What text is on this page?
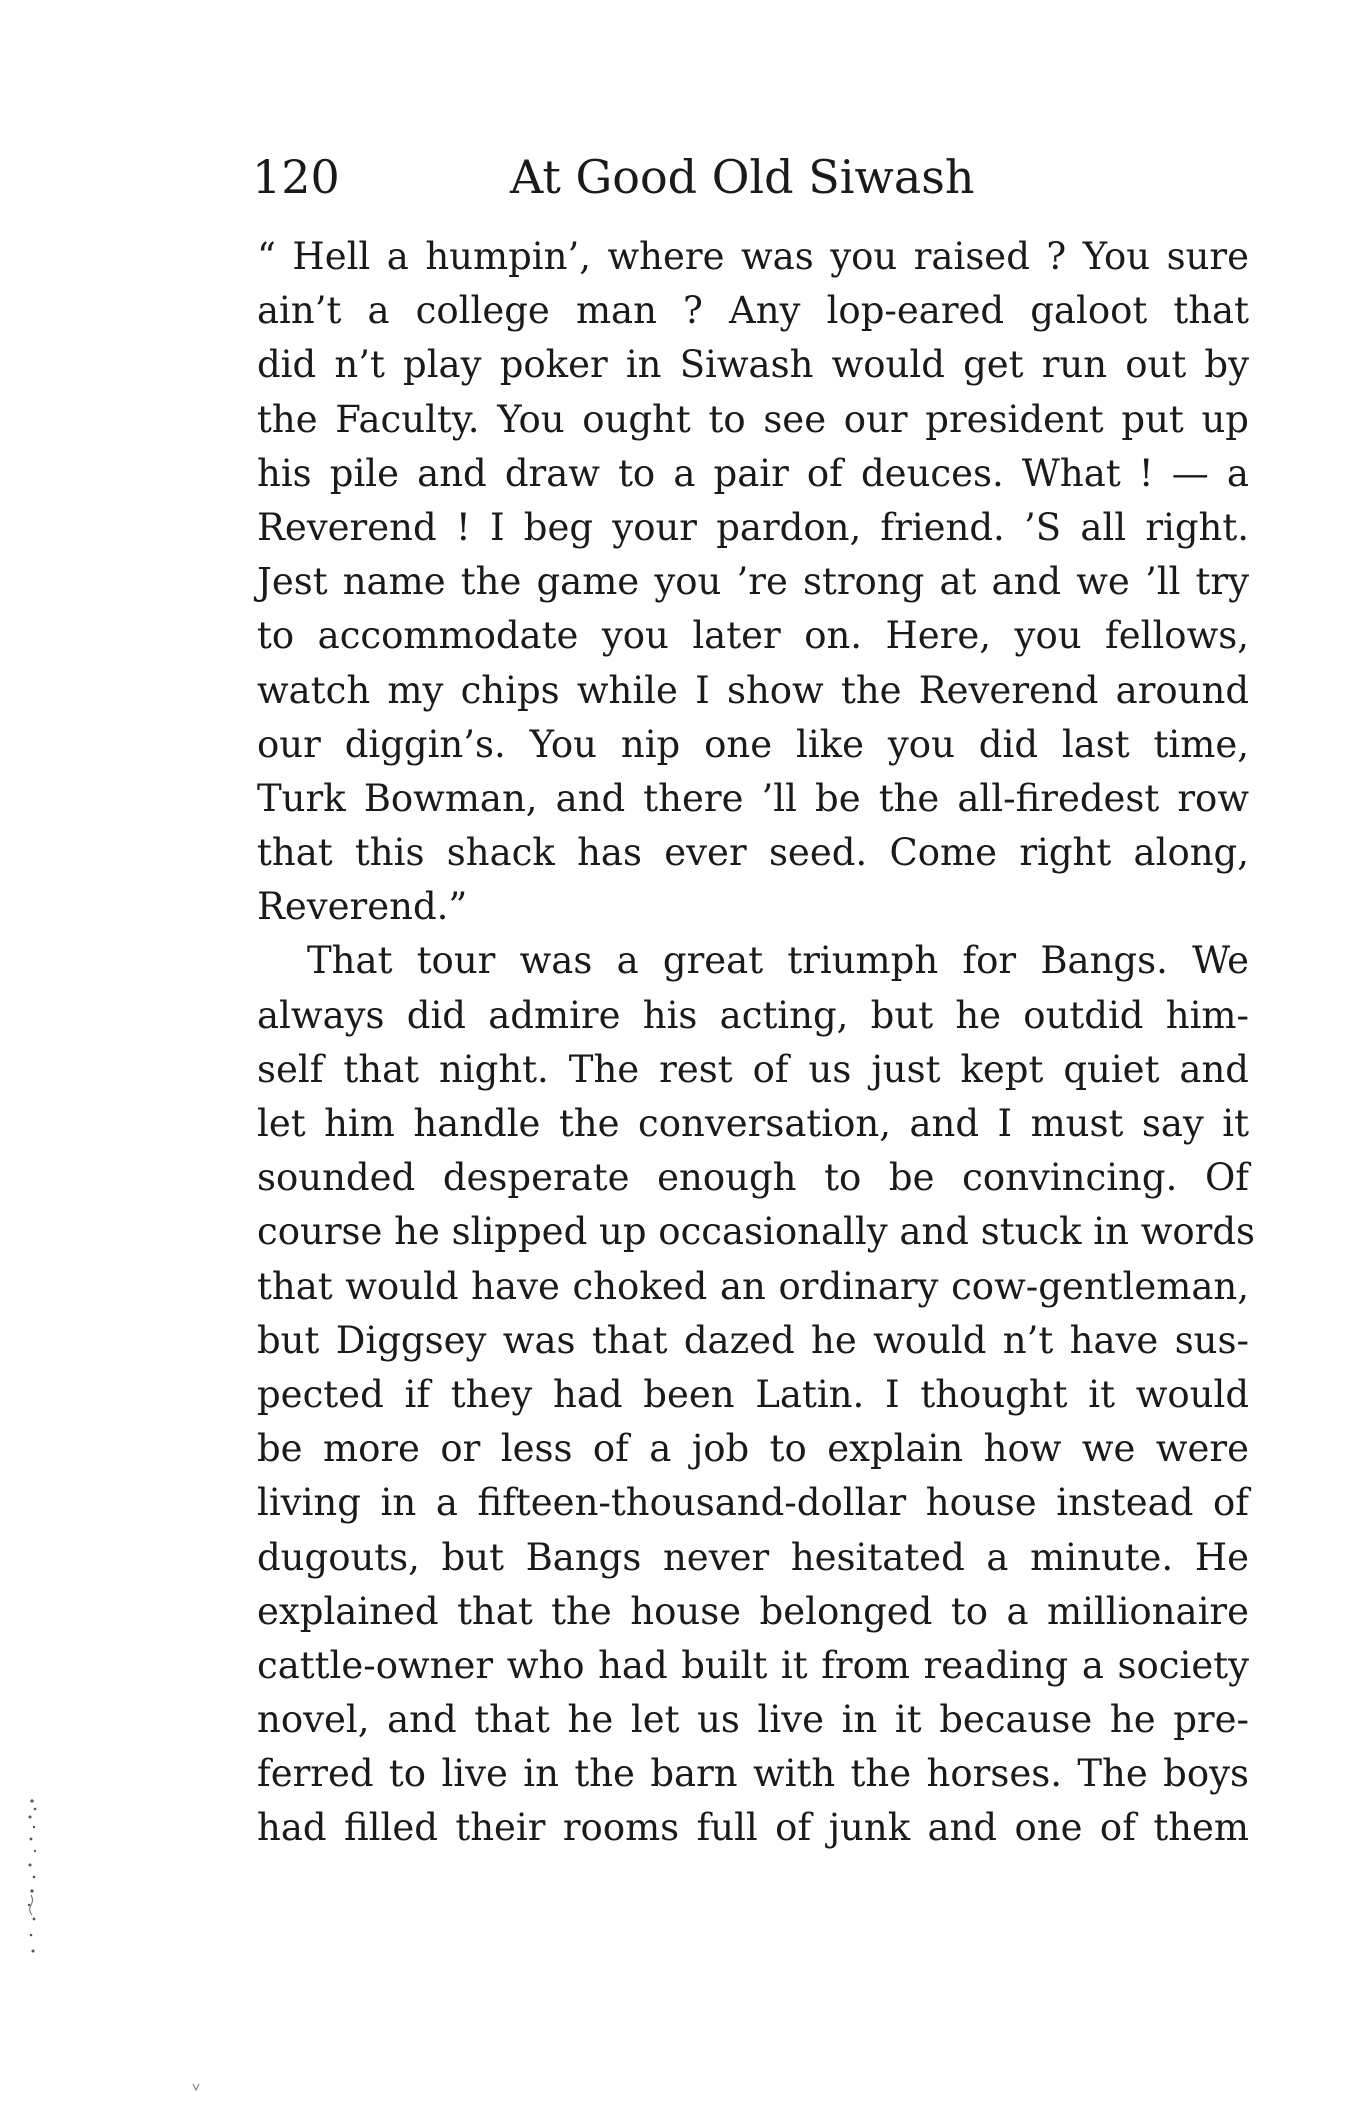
120	At Good Old Siwash
“ Hell a humpin’, where was you raised ? You sure
ain’t a college man ? Any lop-eared galoot that
did n’t play poker in Siwash would get run out by
the Faculty. You ought to see our president put up
his pile and draw to a pair of deuces. What ! — a
Reverend ! I beg your pardon, friend. ’S all right.
Jest name the game you ’re strong at and we ’ll try
to accommodate you later on. Here, you fellows,
watch my chips while I show the Reverend around
our diggin’s. You nip one like you did last time,
Turk Bowman, and there ’ll be the all-firedest row
that this shack has ever seed. Come right along,
Reverend.”
That tour was a great triumph for Bangs. We
always did admire his acting, but he outdid him-
self that night. The rest of us just kept quiet and
let him handle the conversation, and I must say it
sounded desperate enough to be convincing. Of
course he slipped up occasionally and stuck in words
that would have choked an ordinary cow-gentleman,
but Diggsey was that dazed he would n’t have sus-
pected if they had been Latin. I thought it would
be more or less of a job to explain how we were
living in a fifteen-thousand-dollar house instead of
dugouts, but Bangs never hesitated a minute. He
explained that the house belonged to a millionaire
cattle-owner who had built it from reading a society
novel, and that he let us live in it because he pre-
ferred to live in the barn with the horses. The boys
had filled their rooms full of junk and one of them
